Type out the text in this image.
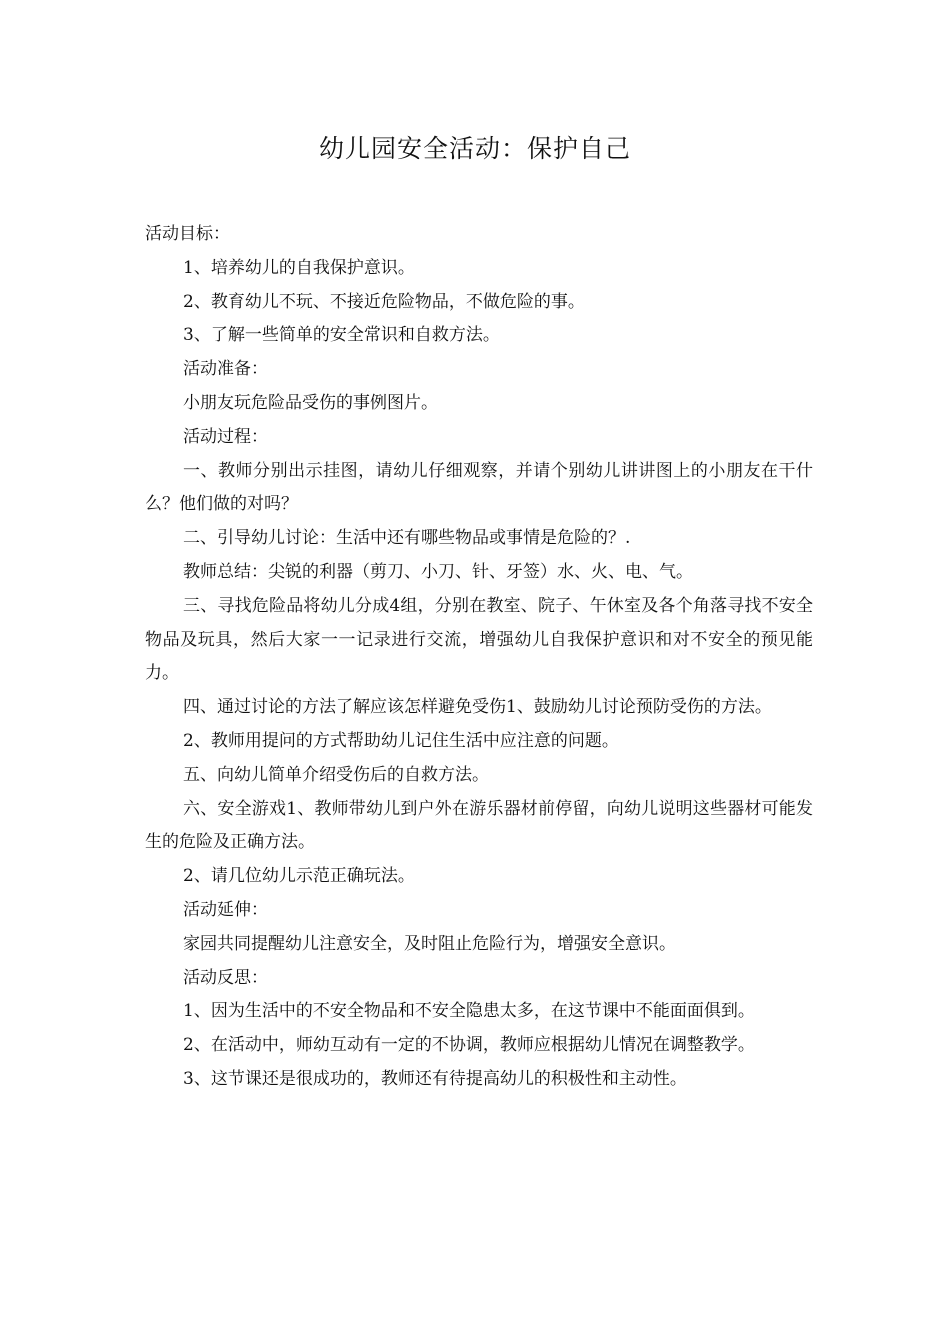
幼儿园安全活动：保护自己

活动目标：

1、培养幼儿的自我保护意识。

2、教育幼儿不玩、不接近危险物品，不做危险的事。

3、了解一些简单的安全常识和自救方法。

活动准备：

小朋友玩危险品受伤的事例图片。

活动过程：

一、教师分别出示挂图，请幼儿仔细观察，并请个别幼儿讲讲图上的小朋友在干什么？他们做的对吗？

二、引导幼儿讨论：生活中还有哪些物品或事情是危险的？.

教师总结：尖锐的利器（剪刀、小刀、针、牙签）水、火、电、气。

三、寻找危险品将幼儿分成4组，分别在教室、院子、午休室及各个角落寻找不安全物品及玩具，然后大家一一记录进行交流，增强幼儿自我保护意识和对不安全的预见能力。

四、通过讨论的方法了解应该怎样避免受伤1、鼓励幼儿讨论预防受伤的方法。

2、教师用提问的方式帮助幼儿记住生活中应注意的问题。

五、向幼儿简单介绍受伤后的自救方法。

六、安全游戏1、教师带幼儿到户外在游乐器材前停留，向幼儿说明这些器材可能发生的危险及正确方法。

2、请几位幼儿示范正确玩法。

活动延伸：

家园共同提醒幼儿注意安全，及时阻止危险行为，增强安全意识。

活动反思：

1、因为生活中的不安全物品和不安全隐患太多，在这节课中不能面面俱到。

2、在活动中，师幼互动有一定的不协调，教师应根据幼儿情况在调整教学。

3、这节课还是很成功的，教师还有待提高幼儿的积极性和主动性。
